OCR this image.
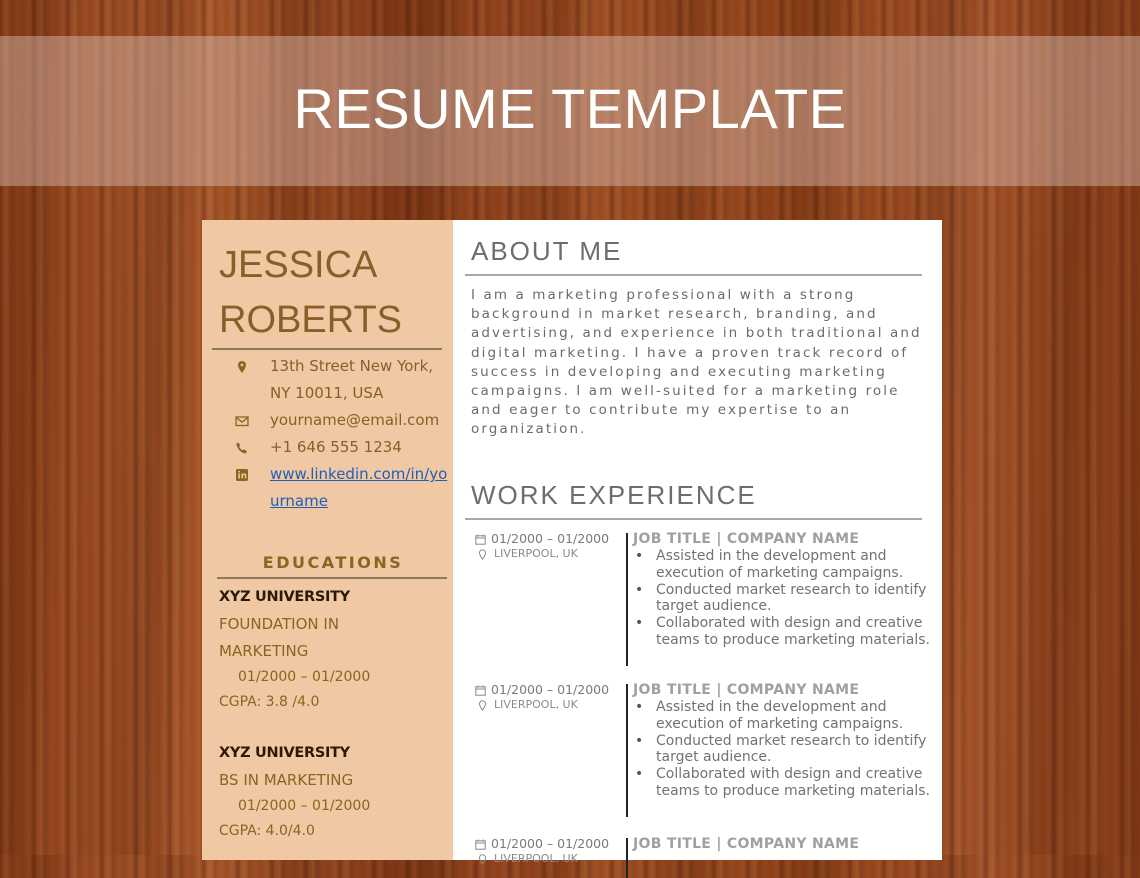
RESUME TEMPLATE
JESSICA
ROBERTS
13th Street New York,
NY 10011, USA
yourname@email.com
+1 646 555 1234
www.linkedin.com/in/yourname
EDUCATIONS
XYZ UNIVERSITY
FOUNDATION IN MARKETING
01/2000 – 01/2000
CGPA: 3.8 /4.0
XYZ UNIVERSITY
BS IN MARKETING
01/2000 – 01/2000
CGPA: 4.0/4.0
ABOUT ME
I am a marketing professional with a strong background in market research, branding, and advertising, and experience in both traditional and digital marketing. I have a proven track record of success in developing and executing marketing campaigns. I am well-suited for a marketing role and eager to contribute my expertise to an organization.
WORK EXPERIENCE
01/2000 – 01/2000
LIVERPOOL, UK
JOB TITLE | COMPANY NAME
• Assisted in the development and execution of marketing campaigns.
• Conducted market research to identify target audience.
• Collaborated with design and creative teams to produce marketing materials.
01/2000 – 01/2000
LIVERPOOL, UK
JOB TITLE | COMPANY NAME
• Assisted in the development and execution of marketing campaigns.
• Conducted market research to identify target audience.
• Collaborated with design and creative teams to produce marketing materials.
01/2000 – 01/2000
LIVERPOOL, UK
JOB TITLE | COMPANY NAME
